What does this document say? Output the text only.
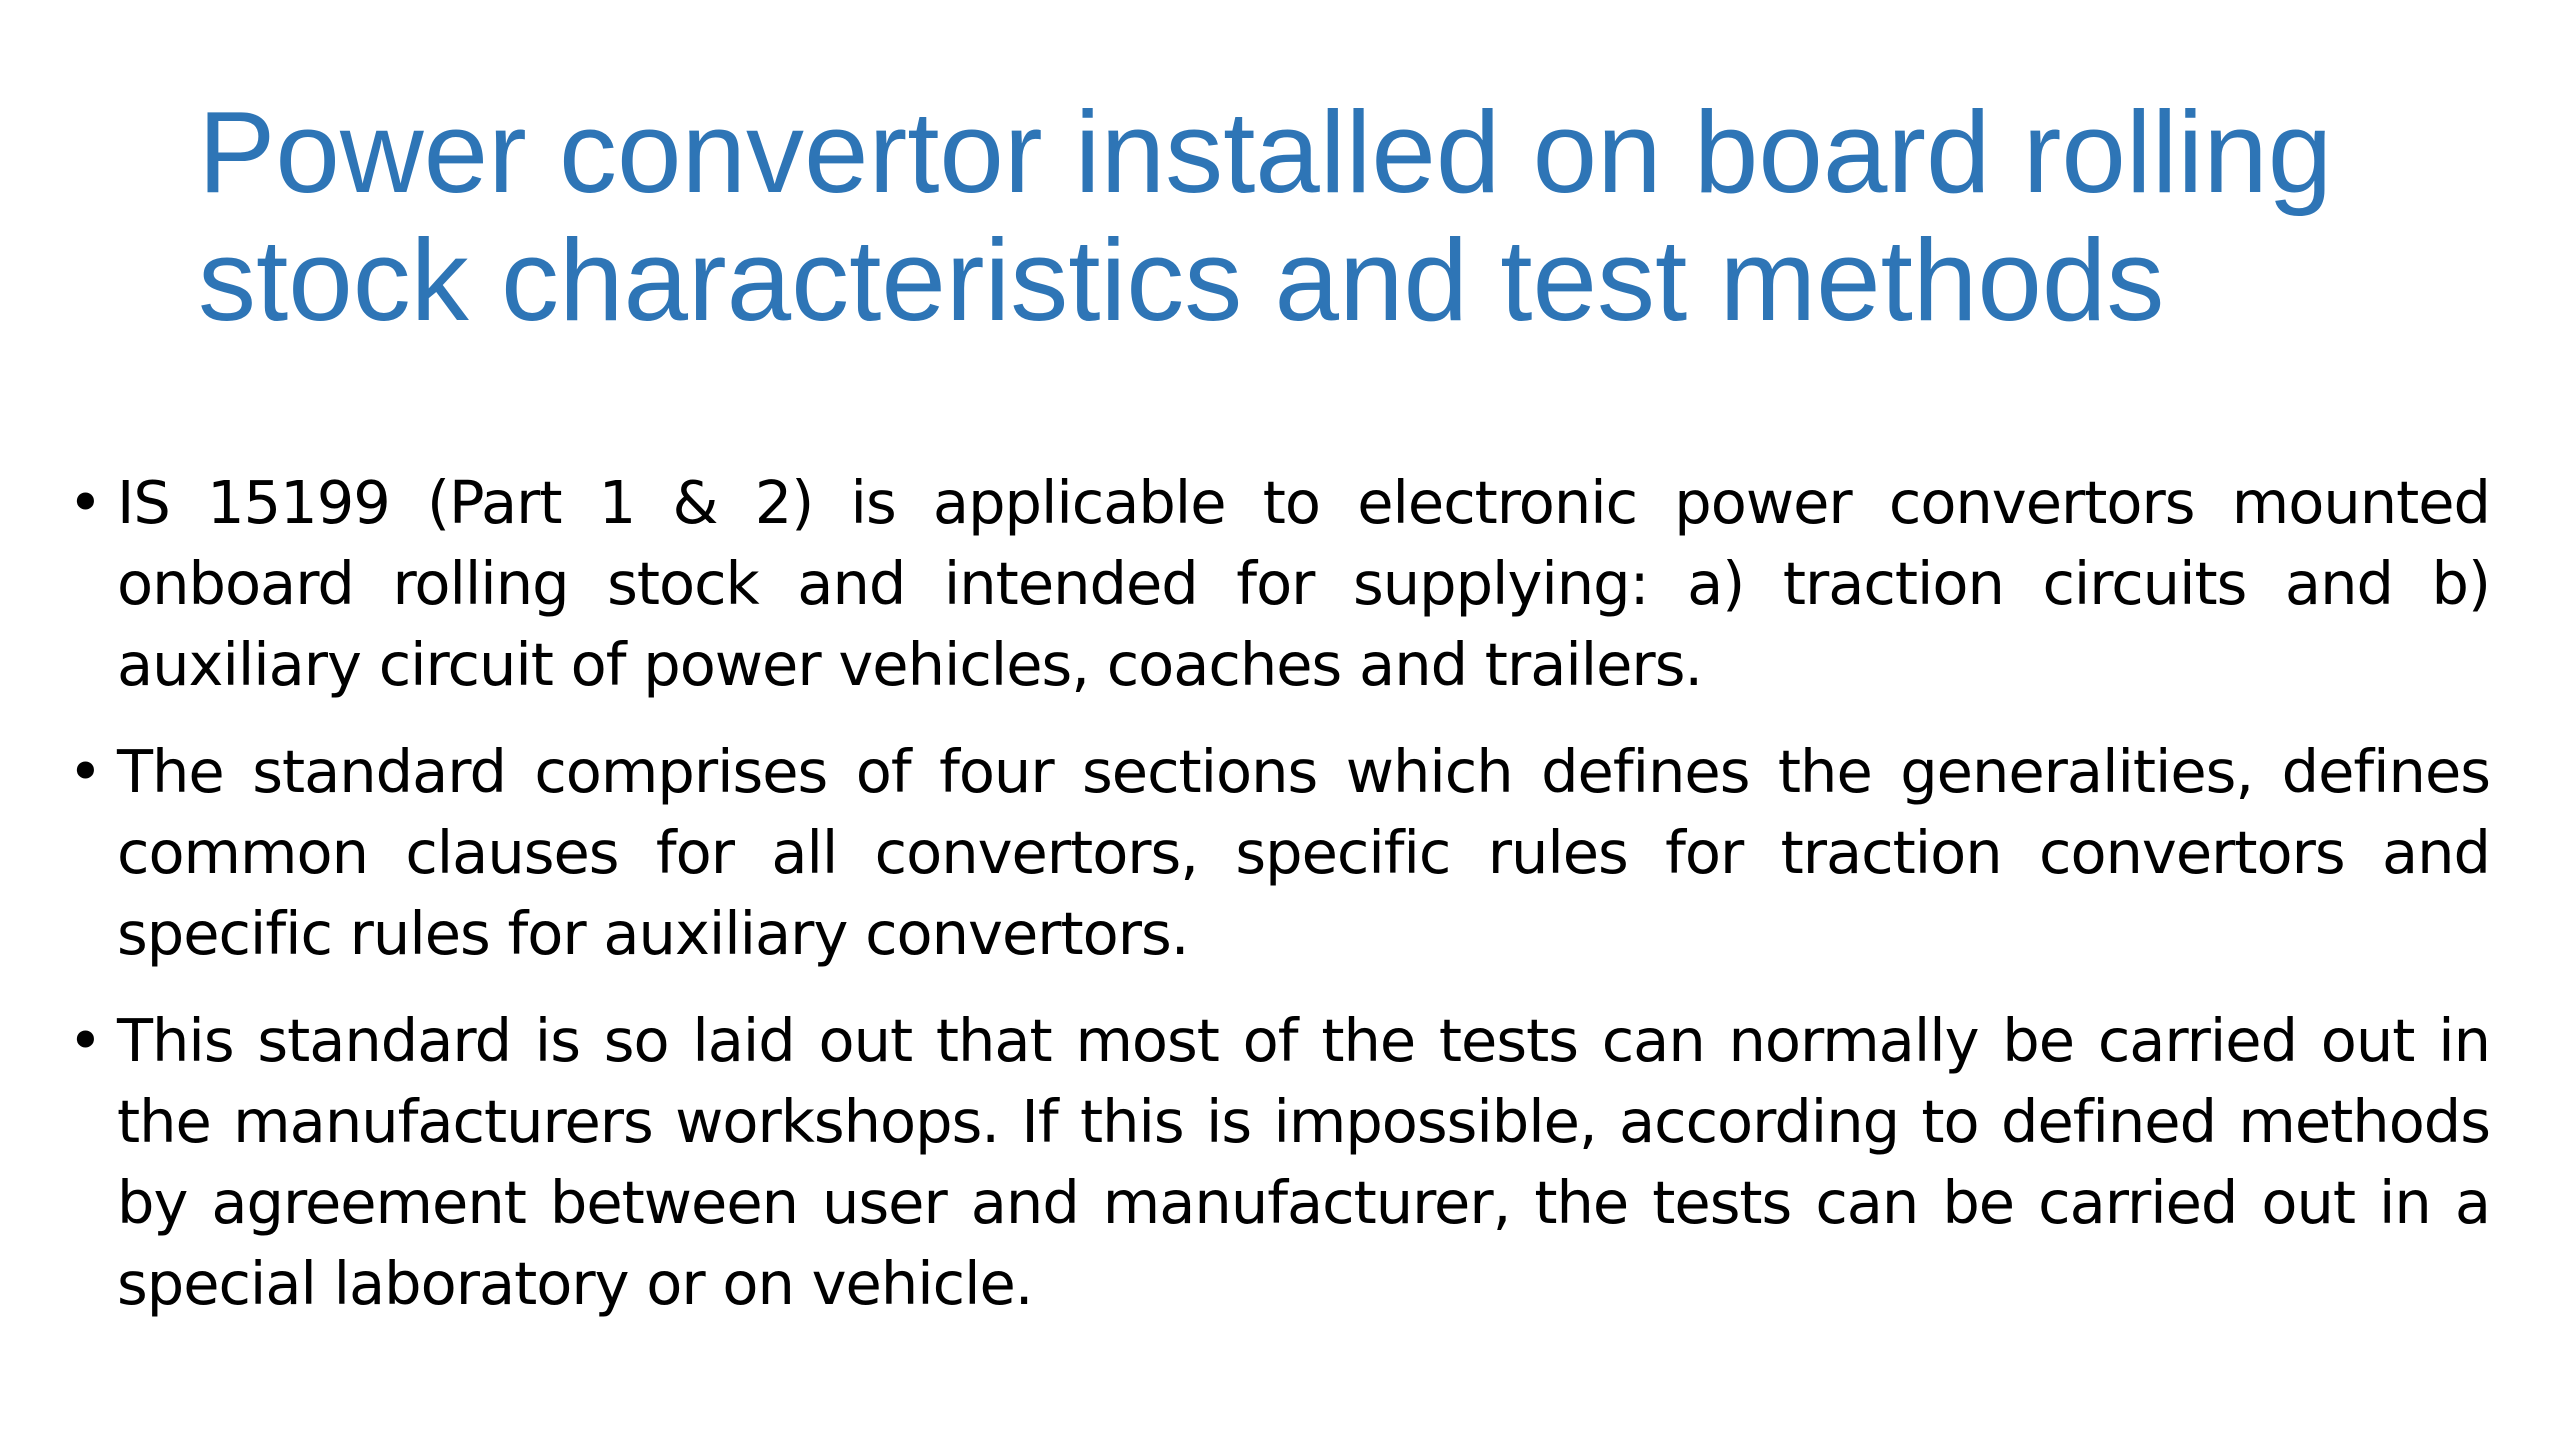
Power convertor installed on board rolling stock characteristics and test methods
• IS 15199 (Part 1 & 2) is applicable to electronic power convertors mounted onboard rolling stock and intended for supplying: a) traction circuits and b) auxiliary circuit of power vehicles, coaches and trailers.
• The standard comprises of four sections which defines the generalities, defines common clauses for all convertors, specific rules for traction convertors and specific rules for auxiliary convertors.
• This standard is so laid out that most of the tests can normally be carried out in the manufacturers workshops. If this is impossible, according to defined methods by agreement between user and manufacturer, the tests can be carried out in a special laboratory or on vehicle.
